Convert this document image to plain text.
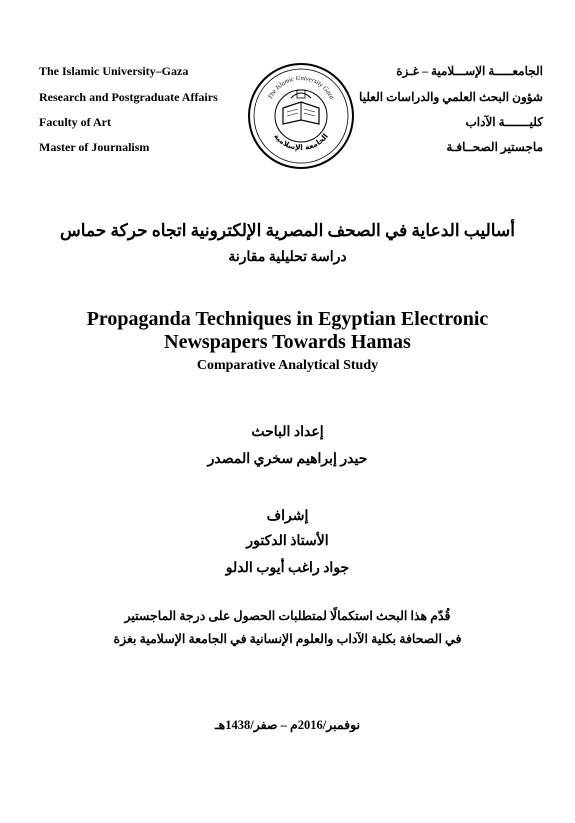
The Islamic University–Gaza
Research and Postgraduate Affairs
Faculty of Art
Master of Journalism
الجامعـــــة الإســـلامية – غـزة
شؤون البحث العلمي والدراسات العليا
كليـــــــة الآداب
ماجستير الصحــافـة
الجامعة الإسلامية
The Islamic University Gaza
أساليب الدعاية في الصحف المصرية الإلكترونية اتجاه حركة حماس
دراسة تحليلية مقارنة
Propaganda Techniques in Egyptian Electronic
Newspapers Towards Hamas
Comparative Analytical Study
إعداد الباحث
حيدر إبراهيم سخري المصدر
إشراف
الأستاذ الدكتور
جواد راغب أيوب الدلو
قُدّم هذا البحث استكمالًا لمتطلبات الحصول على درجة الماجستير
في الصحافة بكلية الآداب والعلوم الإنسانية في الجامعة الإسلامية بغزة
نوفمبر/2016م – صفر/1438هـ
